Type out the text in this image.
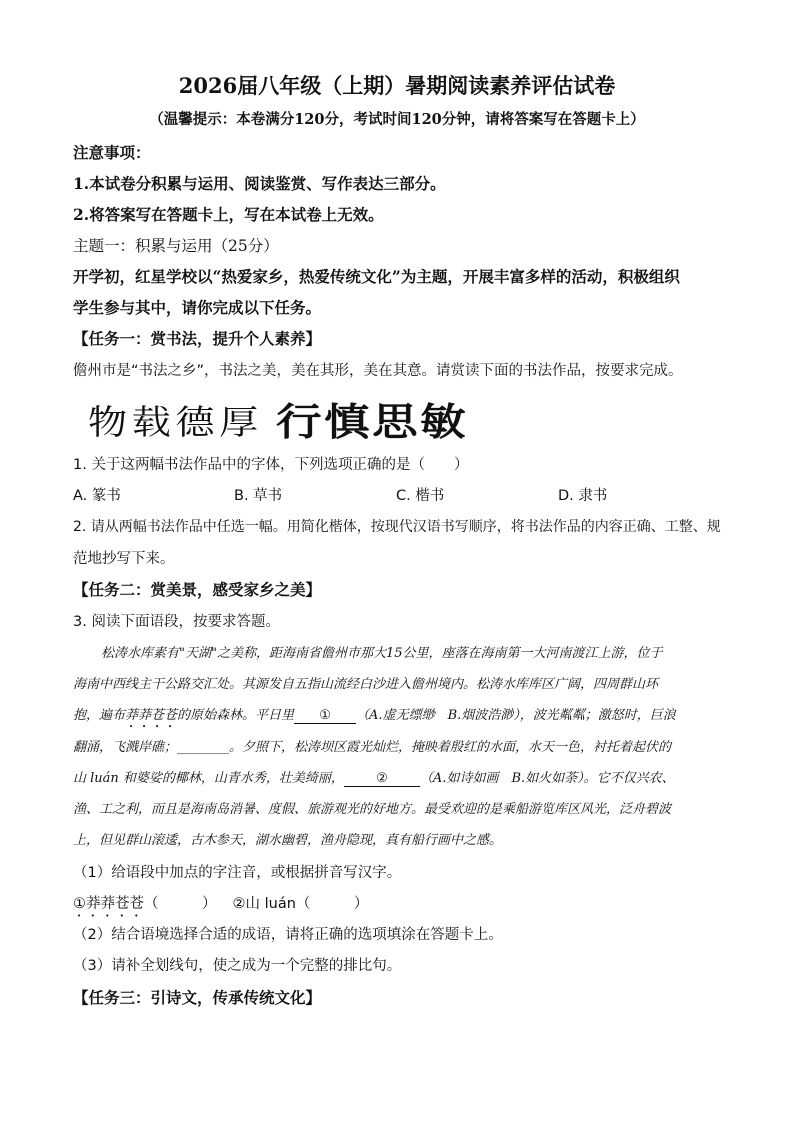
2026届八年级（上期）暑期阅读素养评估试卷
（温馨提示：本卷满分120分，考试时间120分钟，请将答案写在答题卡上）
注意事项：
1.本试卷分积累与运用、阅读鉴赏、写作表达三部分。
2.将答案写在答题卡上，写在本试卷上无效。
主题一：积累与运用（25分）
开学初，红星学校以“热爱家乡，热爱传统文化”为主题，开展丰富多样的活动，积极组织
学生参与其中，请你完成以下任务。
【任务一：赏书法，提升个人素养】
儋州市是“书法之乡”，书法之美，美在其形，美在其意。请赏读下面的书法作品，按要求完成。
物载德厚 行慎思敏
1. 关于这两幅书法作品中的字体，下列选项正确的是（　　）
A. 篆书	B. 草书	C. 楷书	D. 隶书
2. 请从两幅书法作品中任选一幅。用简化楷体，按现代汉语书写顺序，将书法作品的内容正确、工整、规
范地抄写下来。
【任务二：赏美景，感受家乡之美】
3. 阅读下面语段，按要求答题。
松涛水库素有"天湖"之美称，距海南省儋州市那大15公里，座落在海南第一大河南渡江上游，位于
海南中西线主干公路交汇处。其源发自五指山流经白沙进入儋州境内。松涛水库库区广阔，四周群山环
抱，遍布莽莽苍苍的原始森林。平日里 ① （A.虚无缥缈　B.烟波浩渺），波光粼粼；激怒时，巨浪
翻涌，飞溅岸礁；________。夕照下，松涛坝区霞光灿烂，掩映着殷红的水面，水天一色，衬托着起伏的
山 luán 和婆娑的椰林，山青水秀，壮美绮丽， ② （A.如诗如画　B.如火如荼）。它不仅兴农、
渔、工之利，而且是海南岛消暑、度假、旅游观光的好地方。最受欢迎的是乘船游览库区风光，泛舟碧波
上，但见群山滚逶，古木参天，湖水幽碧，渔舟隐现，真有船行画中之感。
（1）给语段中加点的字注音，或根据拼音写汉字。
①莽莽苍苍（　　　） ②山 luán（　　　）
（2）结合语境选择合适的成语，请将正确的选项填涂在答题卡上。
（3）请补全划线句，使之成为一个完整的排比句。
【任务三：引诗文，传承传统文化】
